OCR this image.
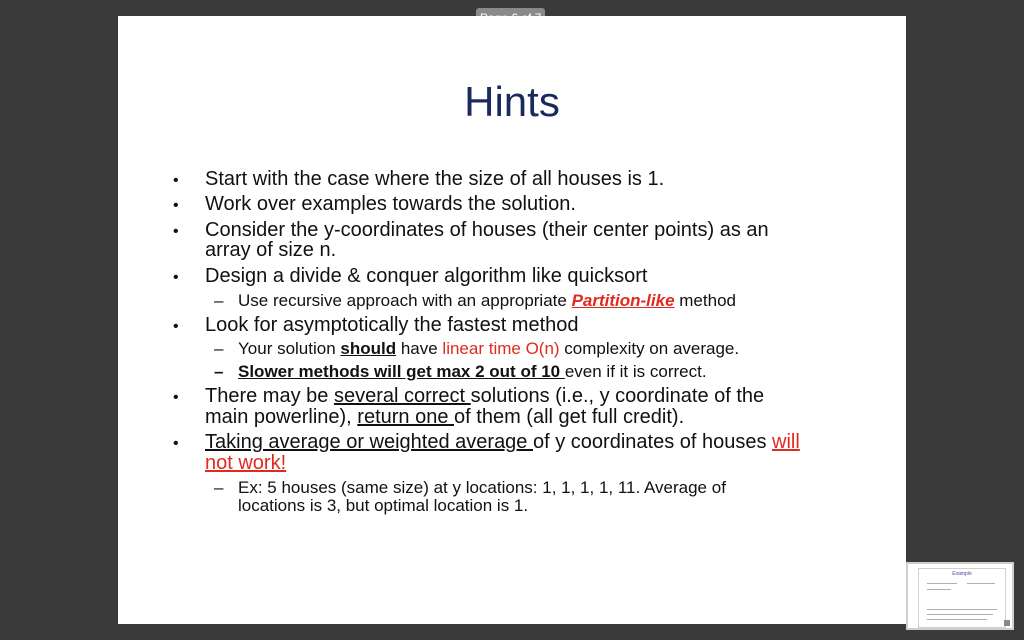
Hints
• Start with the case where the size of all houses is 1.
• Work over examples towards the solution.
• Consider the y-coordinates of houses (their center points) as an
array of size n.
• Design a divide & conquer algorithm like quicksort
– Use recursive approach with an appropriate Partition-like method
• Look for asymptotically the fastest method
– Your solution should have linear time O(n) complexity on average.
– Slower methods will get max 2 out of 10 even if it is correct.
• There may be several correct solutions (i.e., y coordinate of the
main powerline), return one of them (all get full credit).
• Taking average or weighted average of y coordinates of houses will
not work!
– Ex: 5 houses (same size) at y locations: 1, 1, 1, 1, 11. Average of
locations is 3, but optimal location is 1.
Example
